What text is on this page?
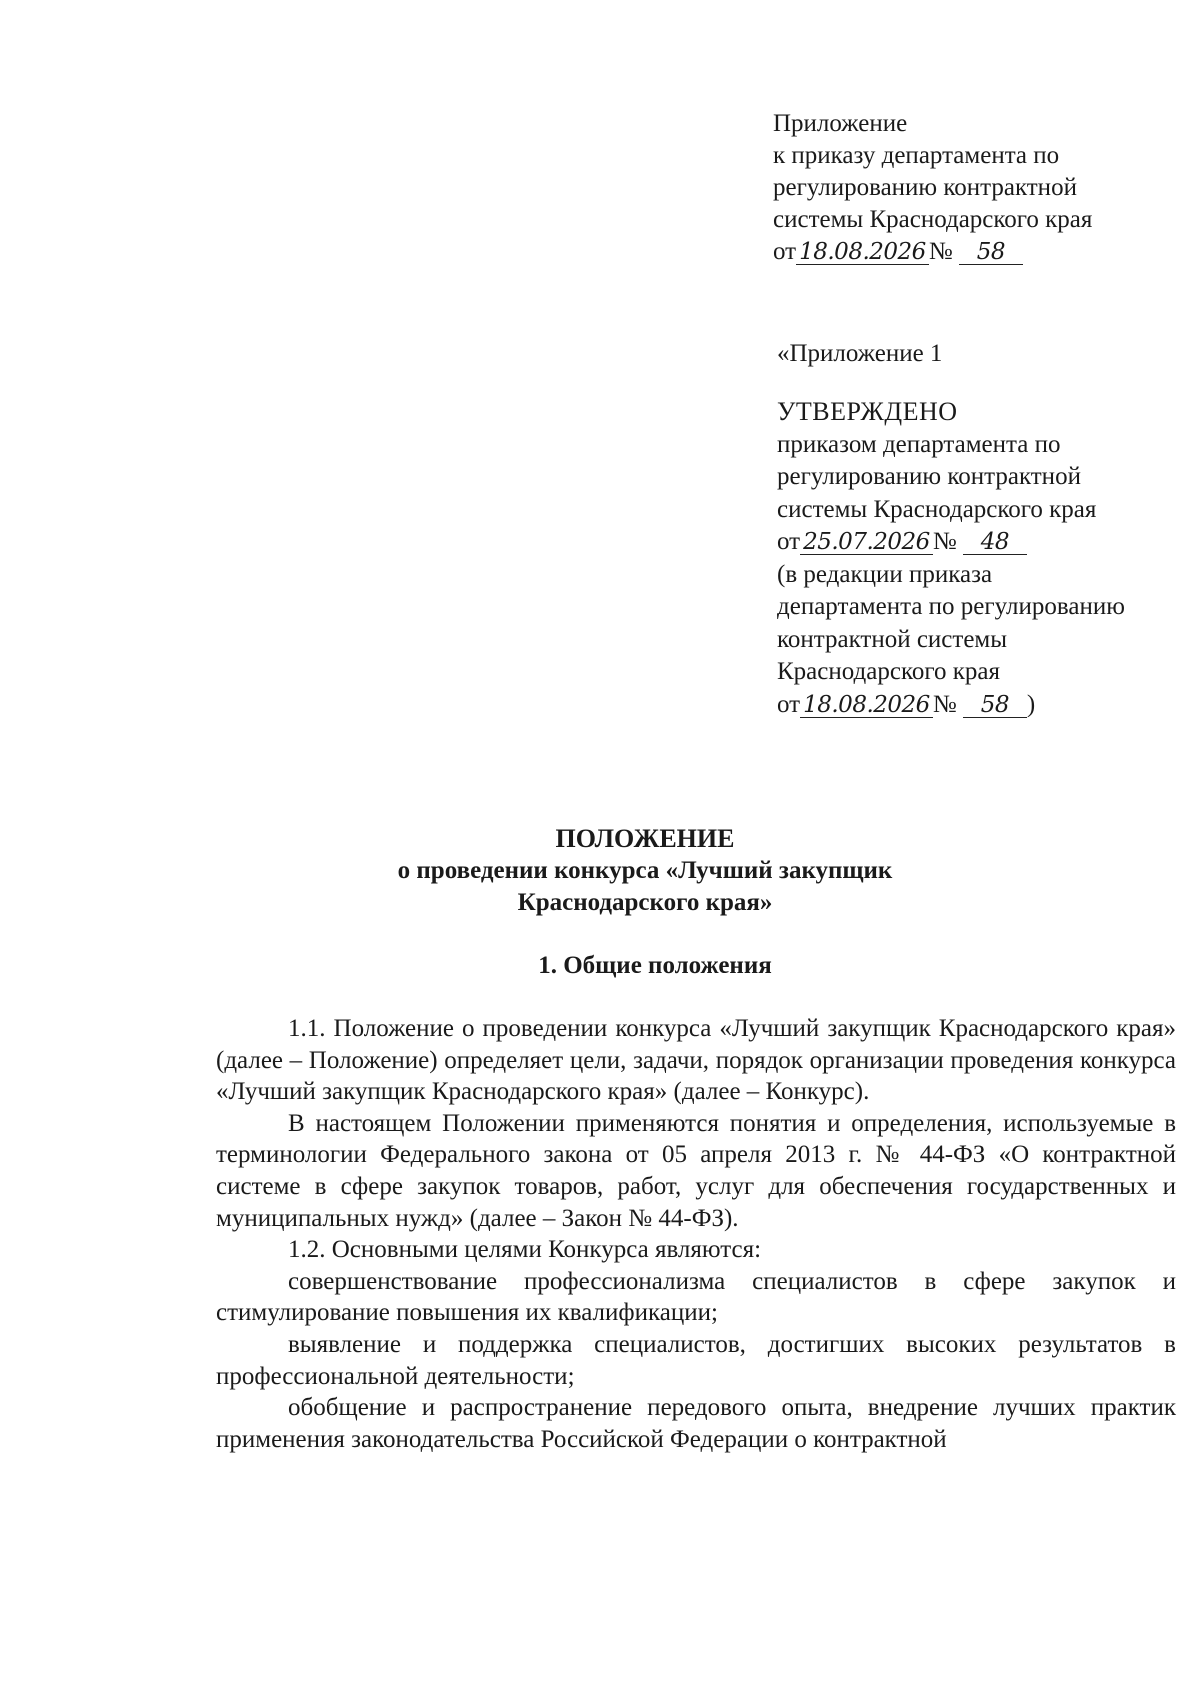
Приложение
к приказу департамента по
регулированию контрактной
системы Краснодарского края
от 18.08.2026 № 58
«Приложение 1
УТВЕРЖДЕНО
приказом департамента по
регулированию контрактной
системы Краснодарского края
от 25.07.2026 № 48
(в редакции приказа
департамента по регулированию
контрактной системы
Краснодарского края
от 18.08.2026 № 58 )
ПОЛОЖЕНИЕ
о проведении конкурса «Лучший закупщик
Краснодарского края»
1. Общие положения

1.1. Положение о проведении конкурса «Лучший закупщик Краснодарского края» (далее – Положение) определяет цели, задачи, порядок организации проведения конкурса «Лучший закупщик Краснодарского края» (далее – Конкурс).

В настоящем Положении применяются понятия и определения, используемые в терминологии Федерального закона от 05 апреля 2013 г. № 44-ФЗ «О контрактной системе в сфере закупок товаров, работ, услуг для обеспечения государственных и муниципальных нужд» (далее – Закон № 44-ФЗ).

1.2. Основными целями Конкурса являются:

совершенствование профессионализма специалистов в сфере закупок и стимулирование повышения их квалификации;

выявление и поддержка специалистов, достигших высоких результатов в профессиональной деятельности;

обобщение и распространение передового опыта, внедрение лучших практик применения законодательства Российской Федерации о контрактной
